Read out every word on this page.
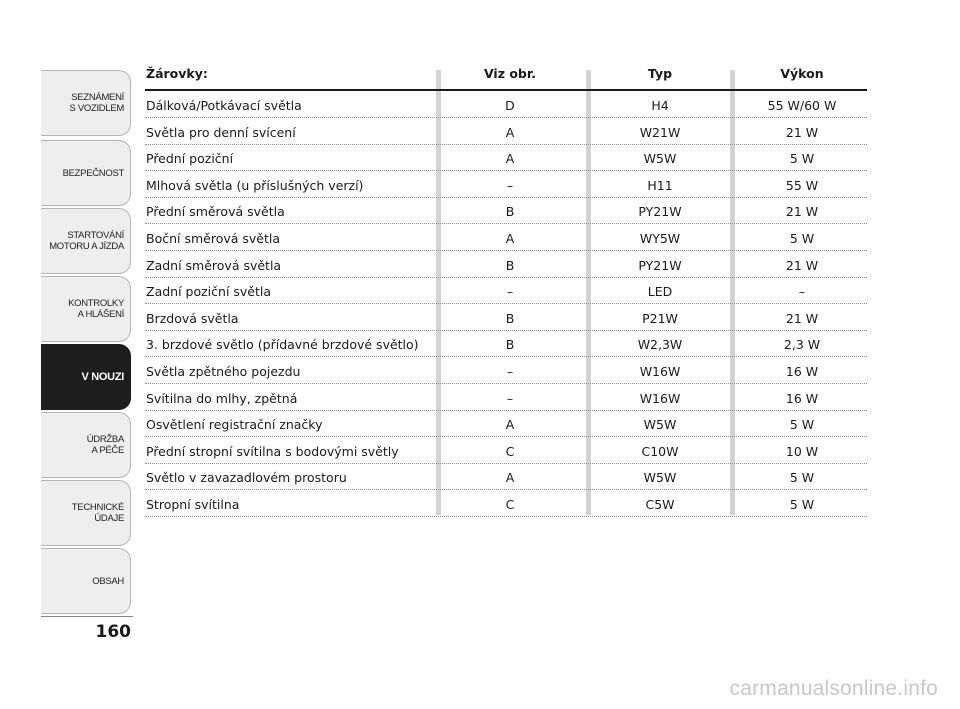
SEZNÁMENÍ
S VOZIDLEM
BEZPEČNOST
STARTOVÁNÍ
MOTORU A JÍZDA
KONTROLKY
A HLÁŠENÍ
V NOUZI
ÚDRŽBA
A PÉČE
TECHNICKÉ
ÚDAJE
OBSAH
160
Žárovky:	Viz obr.	Typ	Výkon
Dálková/Potkávací světla	D	H4	55 W/60 W
Světla pro denní svícení	A	W21W	21 W
Přední poziční	A	W5W	5 W
Mlhová světla (u příslušných verzí)	–	H11	55 W
Přední směrová světla	B	PY21W	21 W
Boční směrová světla	A	WY5W	5 W
Zadní směrová světla	B	PY21W	21 W
Zadní poziční světla	–	LED	–
Brzdová světla	B	P21W	21 W
3. brzdové světlo (přídavné brzdové světlo)	B	W2,3W	2,3 W
Světla zpětného pojezdu	–	W16W	16 W
Svítilna do mlhy, zpětná	–	W16W	16 W
Osvětlení registrační značky	A	W5W	5 W
Přední stropní svítilna s bodovými světly	C	C10W	10 W
Světlo v zavazadlovém prostoru	A	W5W	5 W
Stropní svítilna	C	C5W	5 W
carmanualsonline.info
